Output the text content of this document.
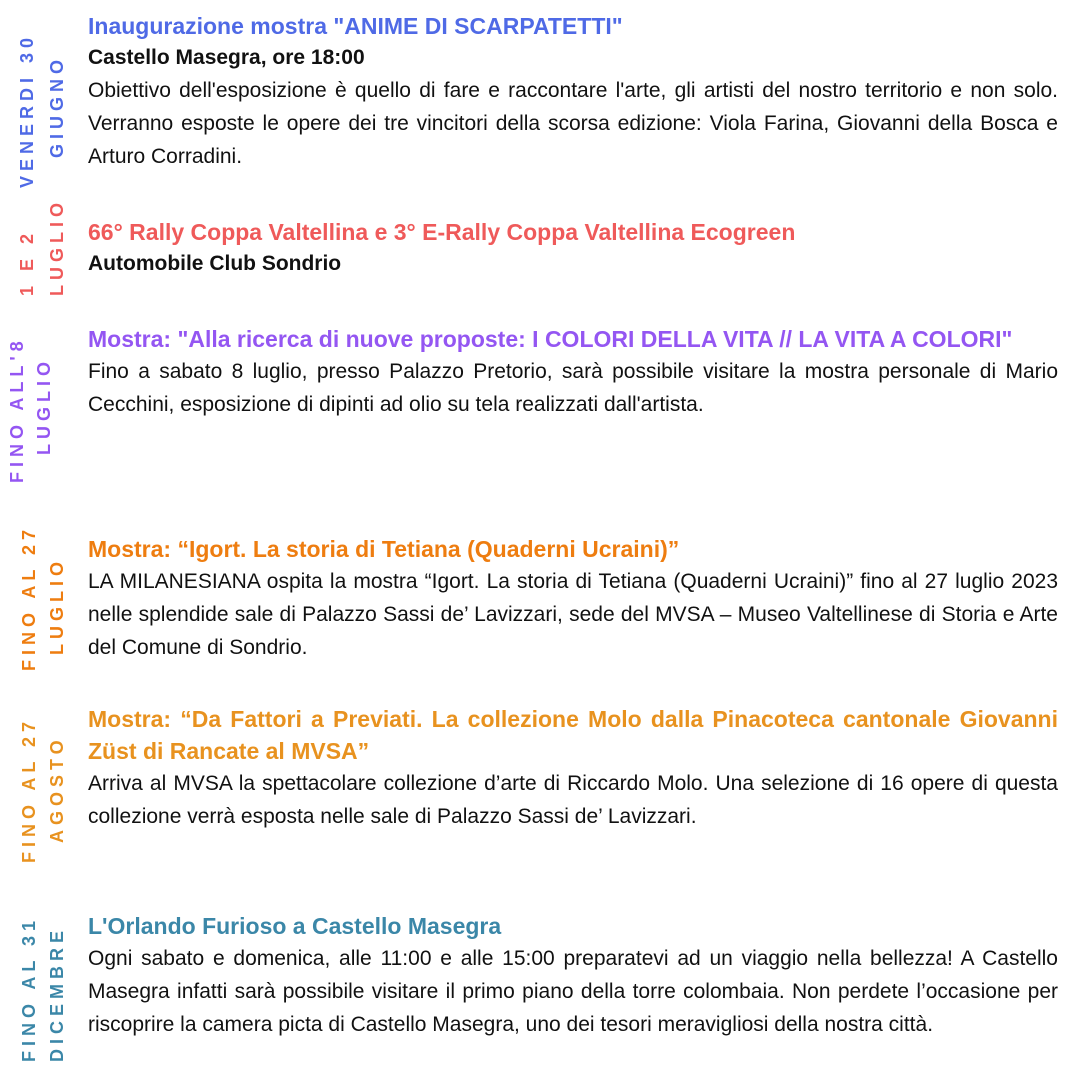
VENERDI 30 GIUGNO

Inaugurazione mostra "ANIME DI SCARPATETTI"

Castello Masegra, ore 18:00

Obiettivo dell'esposizione è quello di fare e raccontare l'arte, gli artisti del nostro territorio e non solo. Verranno esposte le opere dei tre vincitori della scorsa edizione: Viola Farina, Giovanni della Bosca e Arturo Corradini.

1 E 2 LUGLIO 66° Rally Coppa Valtellina e 3° E-Rally Coppa Valtellina Ecogreen

Automobile Club Sondrio

FINO ALL'8 LUGLIO

Mostra: "Alla ricerca di nuove proposte: I COLORI DELLA VITA // LA VITA A COLORI"

Fino a sabato 8 luglio, presso Palazzo Pretorio, sarà possibile visitare la mostra personale di Mario Cecchini, esposizione di dipinti ad olio su tela realizzati dall'artista.

FINO AL 27 LUGLIO

Mostra: “Igort. La storia di Tetiana (Quaderni Ucraini)”

LA MILANESIANA ospita la mostra “Igort. La storia di Tetiana (Quaderni Ucraini)” fino al 27 luglio 2023 nelle splendide sale di Palazzo Sassi de’ Lavizzari, sede del MVSA – Museo Valtellinese di Storia e Arte del Comune di Sondrio.

FINO AL 27 AGOSTO

Mostra: “Da Fattori a Previati. La collezione Molo dalla Pinacoteca cantonale Giovanni Züst di Rancate al MVSA”

Arriva al MVSA la spettacolare collezione d’arte di Riccardo Molo. Una selezione di 16 opere di questa collezione verrà esposta nelle sale di Palazzo Sassi de’ Lavizzari.

FINO AL 31 DICEMBRE L'Orlando Furioso a Castello Masegra

Ogni sabato e domenica, alle 11:00 e alle 15:00 preparatevi ad un viaggio nella bellezza! A Castello Masegra infatti sarà possibile visitare il primo piano della torre colombaia. Non perdete l’occasione per riscoprire la camera picta di Castello Masegra, uno dei tesori meravigliosi della nostra città.
